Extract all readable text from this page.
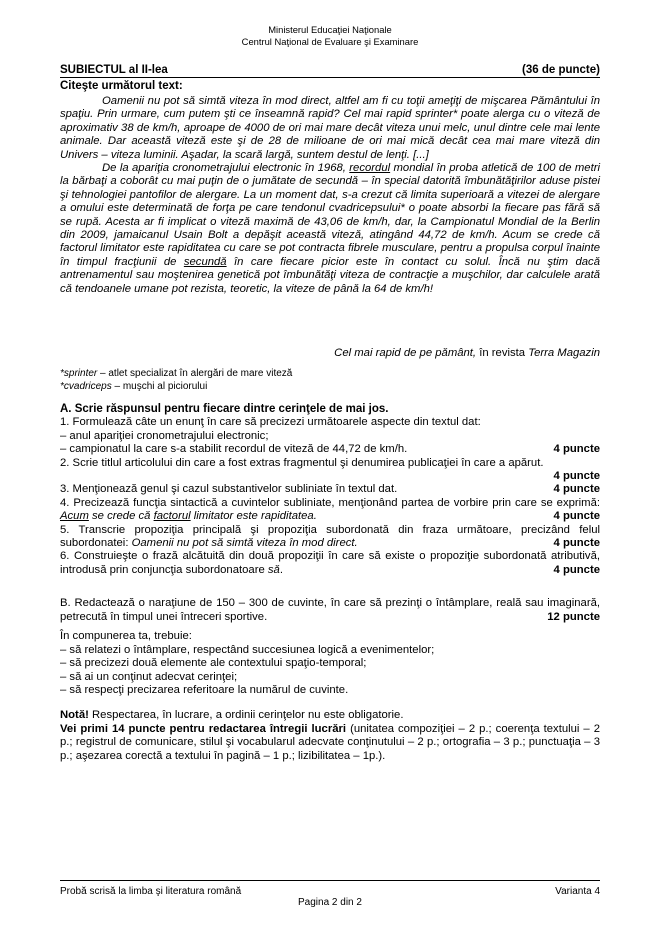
Ministerul Educaţiei Naţionale
Centrul Naţional de Evaluare şi Examinare
SUBIECTUL al II-lea	(36 de puncte)
Citeşte următorul text:

Oamenii nu pot să simtă viteza în mod direct, altfel am fi cu toţii ameţiţi de mişcarea Pământului în spaţiu. Prin urmare, cum putem şti ce înseamnă rapid? Cel mai rapid sprinter* poate alerga cu o viteză de aproximativ 38 de km/h, aproape de 4000 de ori mai mare decât viteza unui melc, unul dintre cele mai lente animale. Dar această viteză este şi de 28 de milioane de ori mai mică decât cea mai mare viteză din Univers – viteza luminii. Aşadar, la scară largă, suntem destul de lenţi. [...]

De la apariţia cronometrajului electronic în 1968, recordul mondial în proba atletică de 100 de metri la bărbaţi a coborât cu mai puţin de o jumătate de secundă – în special datorită îmbunătăţirilor aduse pistei şi tehnologiei pantofilor de alergare. La un moment dat, s-a crezut că limita superioară a vitezei de alergare a omului este determinată de forţa pe care tendonul cvadricepsului* o poate absorbi la fiecare pas fără să se rupă. Acesta ar fi implicat o viteză maximă de 43,06 de km/h, dar, la Campionatul Mondial de la Berlin din 2009, jamaicanul Usain Bolt a depăşit această viteză, atingând 44,72 de km/h. Acum se crede că factorul limitator este rapiditatea cu care se pot contracta fibrele musculare, pentru a propulsa corpul înainte în timpul fracţiunii de secundă în care fiecare picior este în contact cu solul. Încă nu ştim dacă antrenamentul sau moştenirea genetică pot îmbunătăţi viteza de contracţie a muşchilor, dar calculele arată că tendoanele umane pot rezista, teoretic, la viteze de până la 64 de km/h!

Cel mai rapid de pe pământ, în revista Terra Magazin
*sprinter – atlet specializat în alergări de mare viteză
*cvadriceps – muşchi al piciorului
A. Scrie răspunsul pentru fiecare dintre cerinţele de mai jos.
1. Formulează câte un enunţ în care să precizezi următoarele aspecte din textul dat:
– anul apariţiei cronometrajului electronic;
– campionatul la care s-a stabilit recordul de viteză de 44,72 de km/h.	4 puncte
2. Scrie titlul articolului din care a fost extras fragmentul şi denumirea publicaţiei în care a apărut.
4 puncte
3. Menţionează genul şi cazul substantivelor subliniate în textul dat.	4 puncte
4. Precizează funcţia sintactică a cuvintelor subliniate, menţionând partea de vorbire prin care se exprimă: Acum se crede că factorul limitator este rapiditatea.	4 puncte
5. Transcrie propoziţia principală şi propoziţia subordonată din fraza următoare, precizând felul subordonatei: Oamenii nu pot să simtă viteza în mod direct.	4 puncte
6. Construieşte o frază alcătuită din două propoziţii în care să existe o propoziţie subordonată atributivă, introdusă prin conjuncţia subordonatoare să.	4 puncte
B. Redactează o naraţiune de 150 – 300 de cuvinte, în care să prezinţi o întâmplare, reală sau imaginară, petrecută în timpul unei întreceri sportive.	12 puncte
În compunerea ta, trebuie:
– să relatezi o întâmplare, respectând succesiunea logică a evenimentelor;
– să precizezi două elemente ale contextului spaţio-temporal;
– să ai un conţinut adecvat cerinţei;
– să respecţi precizarea referitoare la numărul de cuvinte.
Notă! Respectarea, în lucrare, a ordinii cerinţelor nu este obligatorie.
Vei primi 14 puncte pentru redactarea întregii lucrări (unitatea compoziţiei – 2 p.; coerenţa textului – 2 p.; registrul de comunicare, stilul şi vocabularul adecvate conţinutului – 2 p.; ortografia – 3 p.; punctuaţia – 3 p.; aşezarea corectă a textului în pagină – 1 p.; lizibilitatea – 1p.).
Probă scrisă la limba şi literatura română	Varianta 4
Pagina 2 din 2
